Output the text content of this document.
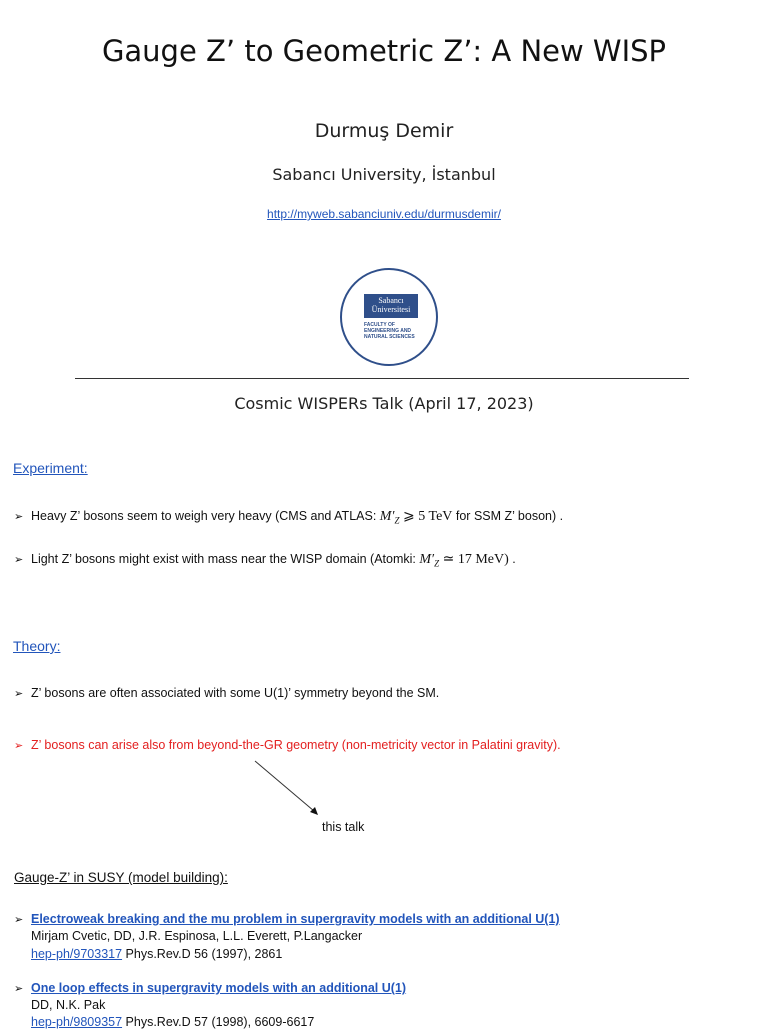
Gauge Z’ to Geometric Z’: A New WISP
Durmuş Demir
Sabancı University, İstanbul
http://myweb.sabanciuniv.edu/durmusdemir/
Sabancı
Üniversitesi
FACULTY OF ENGINEERING AND NATURAL SCIENCES
Cosmic WISPERs Talk (April 17, 2023)
Experiment:
➢ Heavy Z’ bosons seem to weigh very heavy (CMS and ATLAS: $M'_Z$ ⩾ 5 TeV for SSM Z’ boson) .
➢ Light Z’ bosons might exist with mass near the WISP domain (Atomki: $M'_Z$ ≃ 17 MeV) .
Theory:
➢ Z’ bosons are often associated with some U(1)’ symmetry beyond the SM.
➢ Z’ bosons can arise also from beyond-the-GR geometry (non-metricity vector in Palatini gravity).
this talk
Gauge-Z’ in SUSY (model building):
➢ Electroweak breaking and the mu problem in supergravity models with an additional U(1)
Mirjam Cvetic, DD, J.R. Espinosa, L.L. Everett, P.Langacker
hep-ph/9703317 Phys.Rev.D 56 (1997), 2861
➢ One loop effects in supergravity models with an additional U(1)
DD, N.K. Pak
hep-ph/9809357 Phys.Rev.D 57 (1998), 6609-6617
